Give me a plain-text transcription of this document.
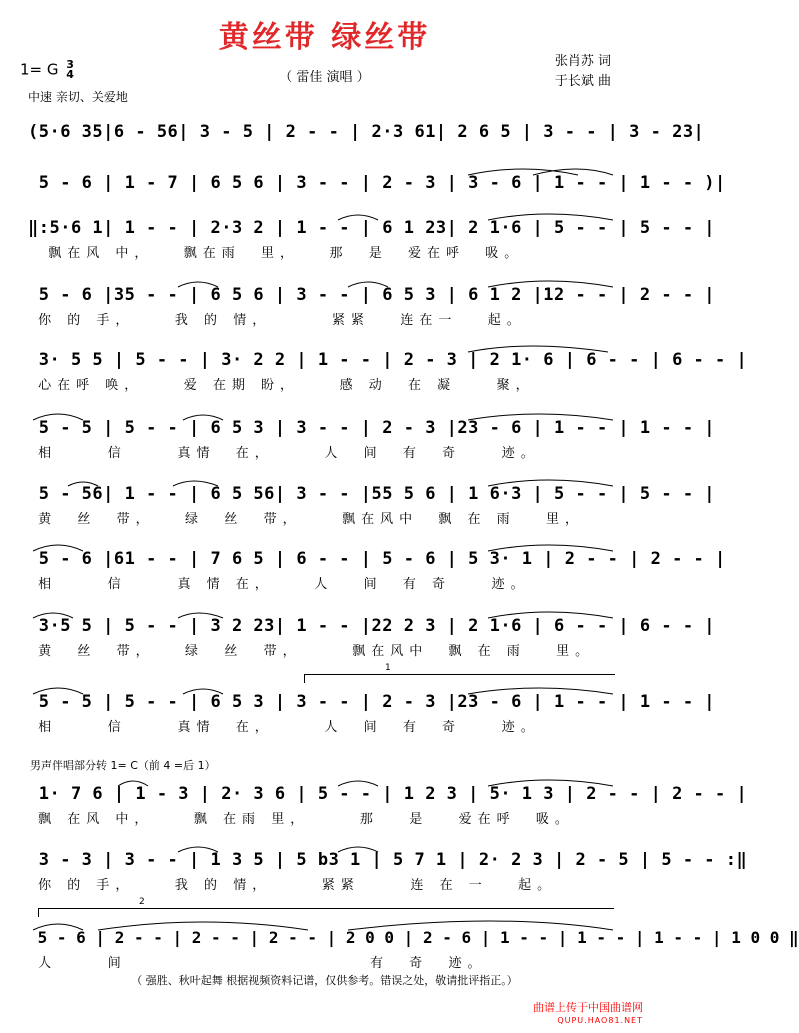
黄丝带 绿丝带
（ 雷佳 演唱 ）
1= G 3
4
中速 亲切、关爱地
张肖苏 词
于长斌 曲
(5·6 35|6 - 56| 3 - 5 | 2 - - | 2·3 61| 2 6 5 | 3 - - | 3 - 23|
5 - 6 | 1 - 7 | 6 5 6 | 3 - - | 2 - 3 | 3 - 6 | 1 - - | 1 - - )|
‖:5·6 1| 1 - - | 2·3 2 | 1 - - | 6 1 23| 2 1·6 | 5 - - | 5 - - |
飘在风 中，   飘在雨  里，   那  是  爱在呼  吸。
5 - 6 |35 - - | 6 5 6 | 3 - - | 6 5 3 | 6 1 2 |12 - - | 2 - - |
你 的 手，    我 的 情，      紧紧   连在一   起。
3· 5 5 | 5 - - | 3· 2 2 | 1 - - | 2 - 3 | 2 1· 6 | 6 - - | 6 - - |
心在呼 唤，    爱 在期 盼，    感 动  在 凝    聚，
5 - 5 | 5 - - | 6 5 3 | 3 - - | 2 - 3 |23 - 6 | 1 - - | 1 - - |
相     信     真情  在，     人  间  有  奇    迹。
5 - 56| 1 - - | 6 5 56| 3 - - |55 5 6 | 1 6·3 | 5 - - | 5 - - |
黄  丝  带，   绿  丝  带，    飘在风中  飘 在 雨   里，
5 - 6 |61 - - | 7 6 5 | 6 - - | 5 - 6 | 5 3· 1 | 2 - - | 2 - - |
相     信     真 情 在，    人   间  有 奇    迹。
3·5 5 | 5 - - | 3 2 23| 1 - - |22 2 3 | 2 1·6 | 6 - - | 6 - - |
黄  丝  带，   绿  丝  带，     飘在风中  飘 在 雨   里。
1
5 - 5 | 5 - - | 6 5 3 | 3 - - | 2 - 3 |23 - 6 | 1 - - | 1 - - |
相     信     真情  在，     人  间  有  奇    迹。
男声伴唱部分转 1= C（前 4 =后 1）
1· 7 6 | 1 - 3 | 2· 3 6 | 5 - - | 1 2 3 | 5· 1 3 | 2 - - | 2 - - |
飘 在风 中，    飘 在雨 里，     那   是   爱在呼  吸。
3 - 3 | 3 - - | 1 3 5 | 5 b3 1 | 5 7 1 | 2· 2 3 | 2 - 5 | 5 - - :‖
你 的 手，    我 的 情，     紧紧     连 在 一   起。
2
5 - 6 | 2 - - | 2 - - | 2 - - | 2 0 0 | 2 - 6 | 1 - - | 1 - - | 1 - - | 1 0 0 ‖
人     间                        有  奇  迹。
（ 强胜、秋叶起舞 根据视频资料记谱，仅供参考。错误之处，敬请批评指正。）
曲谱上传于中国曲谱网
QUPU.HAO81.NET
